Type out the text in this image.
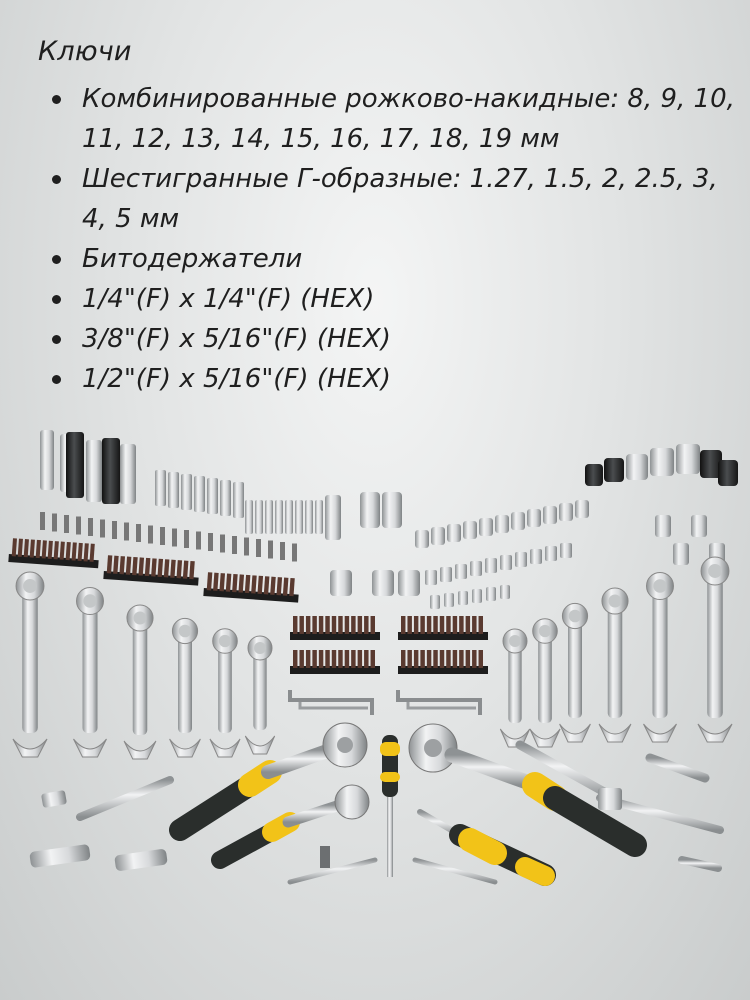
Ключи
Комбинированные рожково-накидные: 8, 9, 10, 11, 12, 13, 14, 15, 16, 17, 18, 19 мм
Шестигранные Г-образные: 1.27, 1.5, 2, 2.5, 3, 4, 5 мм
Битодержатели
1/4"(F) x 1/4"(F) (HEX)
3/8"(F) x 5/16"(F) (HEX)
1/2"(F) x 5/16"(F) (HEX)
